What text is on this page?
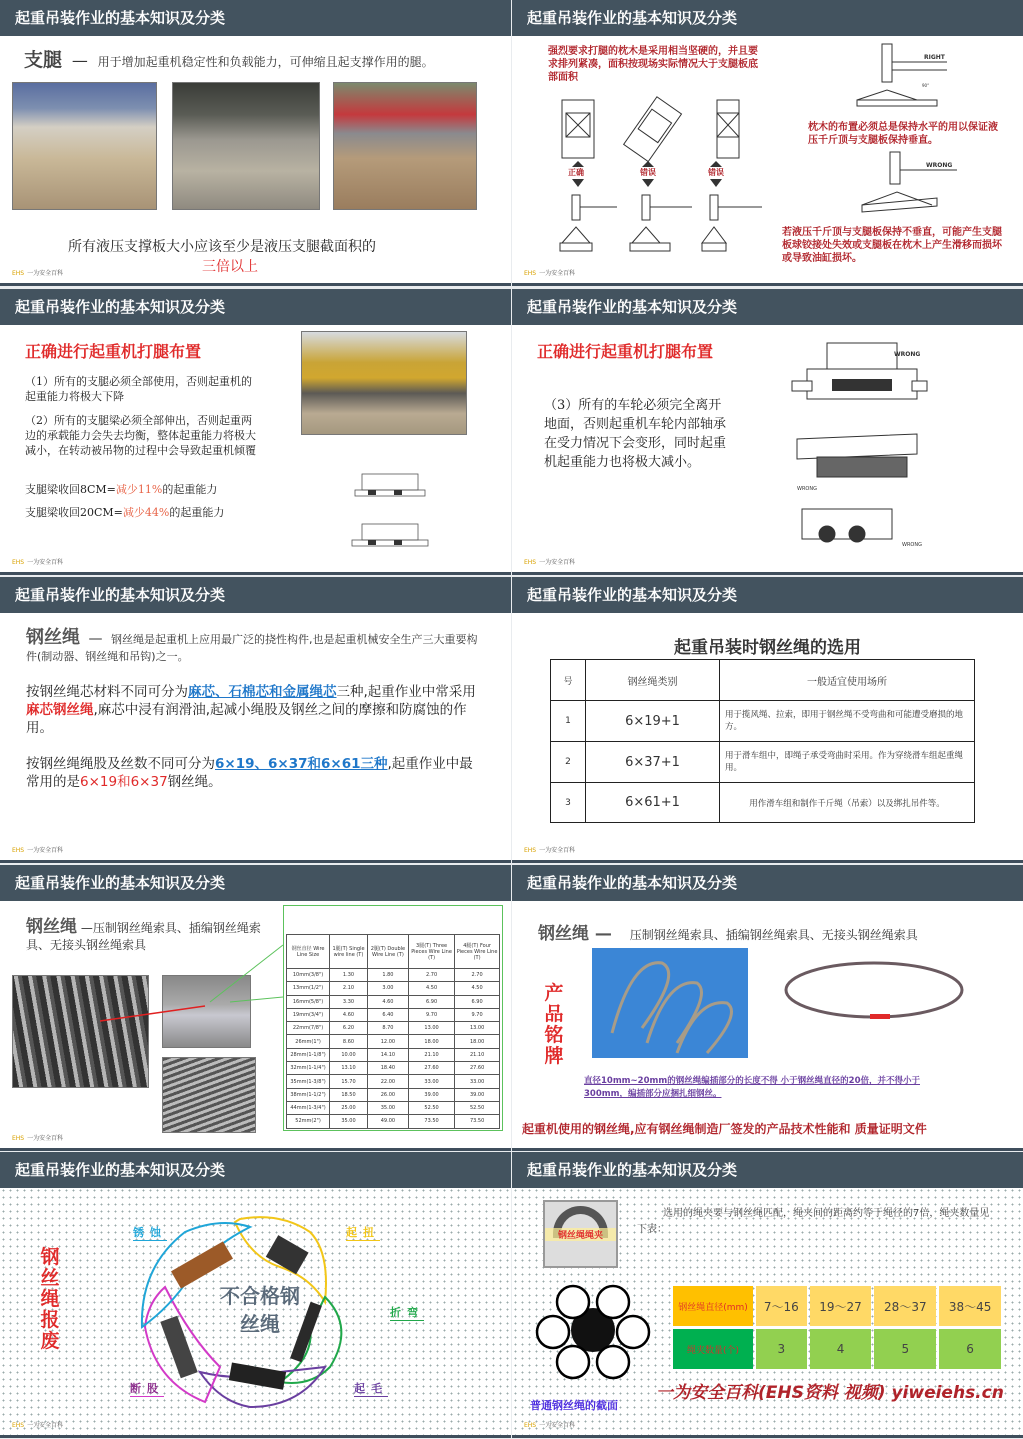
起重吊装作业的基本知识及分类
支腿 — 用于增加起重机稳定性和负载能力，可伸缩且起支撑作用的腿。
所有液压支撑板大小应该至少是液压支腿截面积的
三倍以上
EHS 一为安全百科
起重吊装作业的基本知识及分类
强烈要求打腿的枕木是采用相当坚硬的，并且要求排列紧凑，面积按现场实际情况大于支腿板底部面积
正确	错误	错误
RIGHT
90°
枕木的布置必须总是保持水平的用以保证液压千斤顶与支腿板保持垂直。
WRONG
若液压千斤顶与支腿板保持不垂直，可能产生支腿板球铰接处失效或支腿板在枕木上产生滑移而损坏或导致油缸损坏。
EHS 一为安全百科
起重吊装作业的基本知识及分类
正确进行起重机打腿布置
（1）所有的支腿必须全部使用，否则起重机的起重能力将极大下降
（2）所有的支腿梁必须全部伸出，否则起重两边的承载能力会失去均衡，整体起重能力将极大减小，在转动被吊物的过程中会导致起重机倾覆
支腿梁收回8CM=减少11%的起重能力
支腿梁收回20CM=减少44%的起重能力
EHS 一为安全百科
起重吊装作业的基本知识及分类
正确进行起重机打腿布置
（3）所有的车轮必须完全离开地面，否则起重机车轮内部轴承在受力情况下会变形，同时起重机起重能力也将极大减小。
WRONG
WRONG
WRONG
EHS 一为安全百科
起重吊装作业的基本知识及分类
钢丝绳 — 钢丝绳是起重机上应用最广泛的挠性构件,也是起重机械安全生产三大重要构件(制动器、钢丝绳和吊钩)之一。
按钢丝绳芯材料不同可分为麻芯、石棉芯和金属绳芯三种,起重作业中常采用麻芯钢丝绳,麻芯中浸有润滑油,起减小绳股及钢丝之间的摩擦和防腐蚀的作用。
按钢丝绳绳股及丝数不同可分为6×19、6×37和6×61三种,起重作业中最常用的是6×19和6×37钢丝绳。
EHS 一为安全百科
起重吊装作业的基本知识及分类
起重吊装时钢丝绳的选用
号	钢丝绳类别	一般适宜使用场所
1	6×19+1	用于揽风绳、拉索，即用于钢丝绳不受弯曲和可能遭受磨损的地方。
2	6×37+1	用于滑车组中，即绳子承受弯曲时采用。作为穿绕滑车组起重绳用。
3	6×61+1	用作滑车组和制作千斤绳（吊索）以及绑扎吊件等。
EHS 一为安全百科
起重吊装作业的基本知识及分类
钢丝绳 —压制钢丝绳索具、插编钢丝绳索具、无接头钢丝绳索具	钢丝直径 Wire Line Size	1腿(T) Single wire line (T)	2腿(T) Double Wire Line (T)	3腿(T) Three Pieces Wire Line (T)	4腿(T) Four Pieces Wire Line (T)
10mm(3/8")	1.30	1.80	2.70	2.70
13mm(1/2")	2.10	3.00	4.50	4.50
16mm(5/8")	3.30	4.60	6.90	6.90
19mm(3/4")	4.60	6.40	9.70	9.70
22mm(7/8")	6.20	8.70	13.00	13.00
26mm(1")	8.60	12.00	18.00	18.00
28mm(1-1/8")	10.00	14.10	21.10	21.10
32mm(1-1/4")	13.10	18.40	27.60	27.60
35mm(1-3/8")	15.70	22.00	33.00	33.00
38mm(1-1/2")	18.50	26.00	39.00	39.00
44mm(1-3/4")	25.00	35.00	52.50	52.50
52mm(2")	35.00	49.00	73.50	73.50
EHS 一为安全百科
起重吊装作业的基本知识及分类
钢丝绳 — 压制钢丝绳索具、插编钢丝绳索具、无接头钢丝绳索具
产品铭牌
直径10mm~20mm的钢丝绳编插部分的长度不得 小于钢丝绳直径的20倍，并不得小于300mm，编插部分应捆扎细钢丝。
起重机使用的钢丝绳,应有钢丝绳制造厂签发的产品技术性能和 质量证明文件
起重吊装作业的基本知识及分类
钢丝绳报废
不合格钢丝绳
锈蚀	起扭
折弯
起毛
断股
EHS 一为安全百科
起重吊装作业的基本知识及分类
钢丝绳绳夹
选用的绳夹要与钢丝绳匹配，绳夹间的距离约等于绳径的7倍，绳夹数量见下表：
普通钢丝绳的截面
钢丝绳直径(mm)	7～16	19～27	28～37	38～45
绳夹数量(个)	3	4	5	6
一为安全百科(EHS资料 视频) yiweiehs.cn
EHS 一为安全百科
